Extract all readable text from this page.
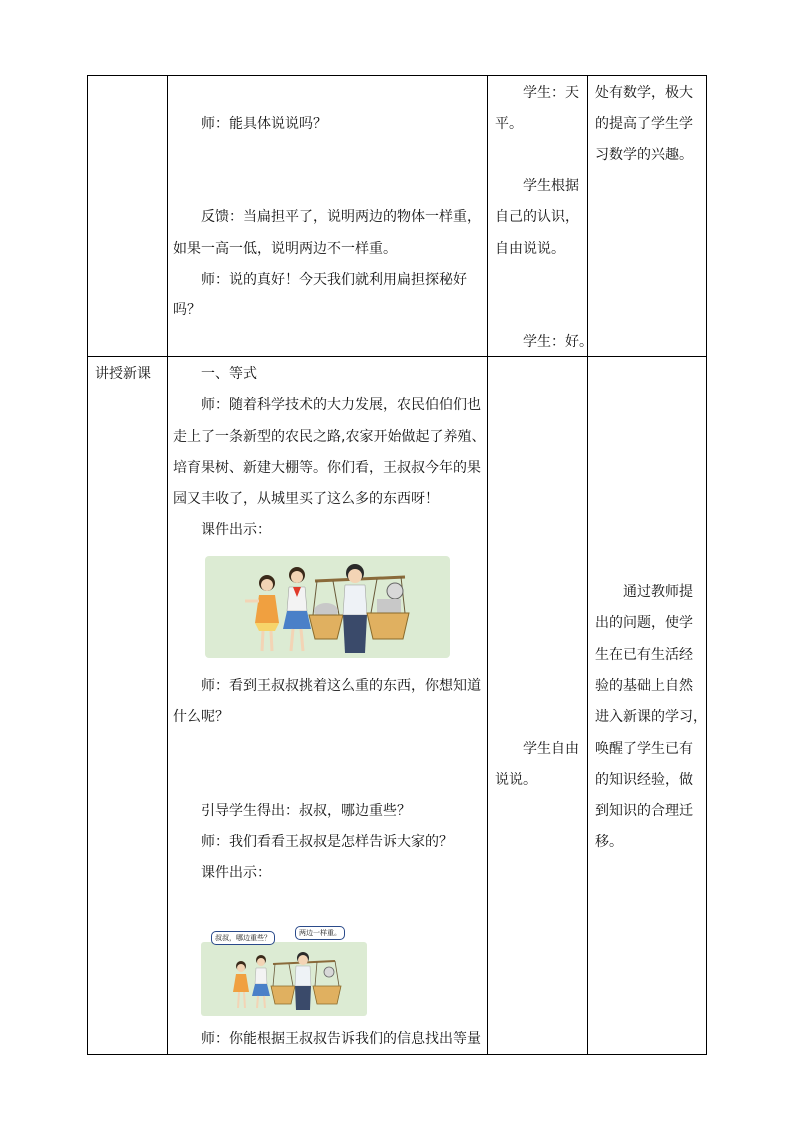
师：能具体说说吗？
反馈：当扁担平了，说明两边的物体一样重，
如果一高一低，说明两边不一样重。
师：说的真好！今天我们就利用扁担探秘好
吗？
学生：天
平。
学生根据
自己的认识，
自由说说。
学生：好。
处有数学，极大
的提高了学生学
习数学的兴趣。
讲授新课	一、等式
师：随着科学技术的大力发展，农民伯伯们也
走上了一条新型的农民之路,农家开始做起了养殖、
培育果树、新建大棚等。你们看，王叔叔今年的果
园又丰收了，从城里买了这么多的东西呀！
课件出示：
师：看到王叔叔挑着这么重的东西，你想知道
什么呢？
引导学生得出：叔叔，哪边重些？
师：我们看看王叔叔是怎样告诉大家的？
课件出示：
师：你能根据王叔叔告诉我们的信息找出等量
学生自由
说说。
通过教师提
出的问题，使学
生在已有生活经
验的基础上自然
进入新课的学习，
唤醒了学生已有
的知识经验，做
到知识的合理迁
移。
叔叔，哪边重些？
两边一样重。
